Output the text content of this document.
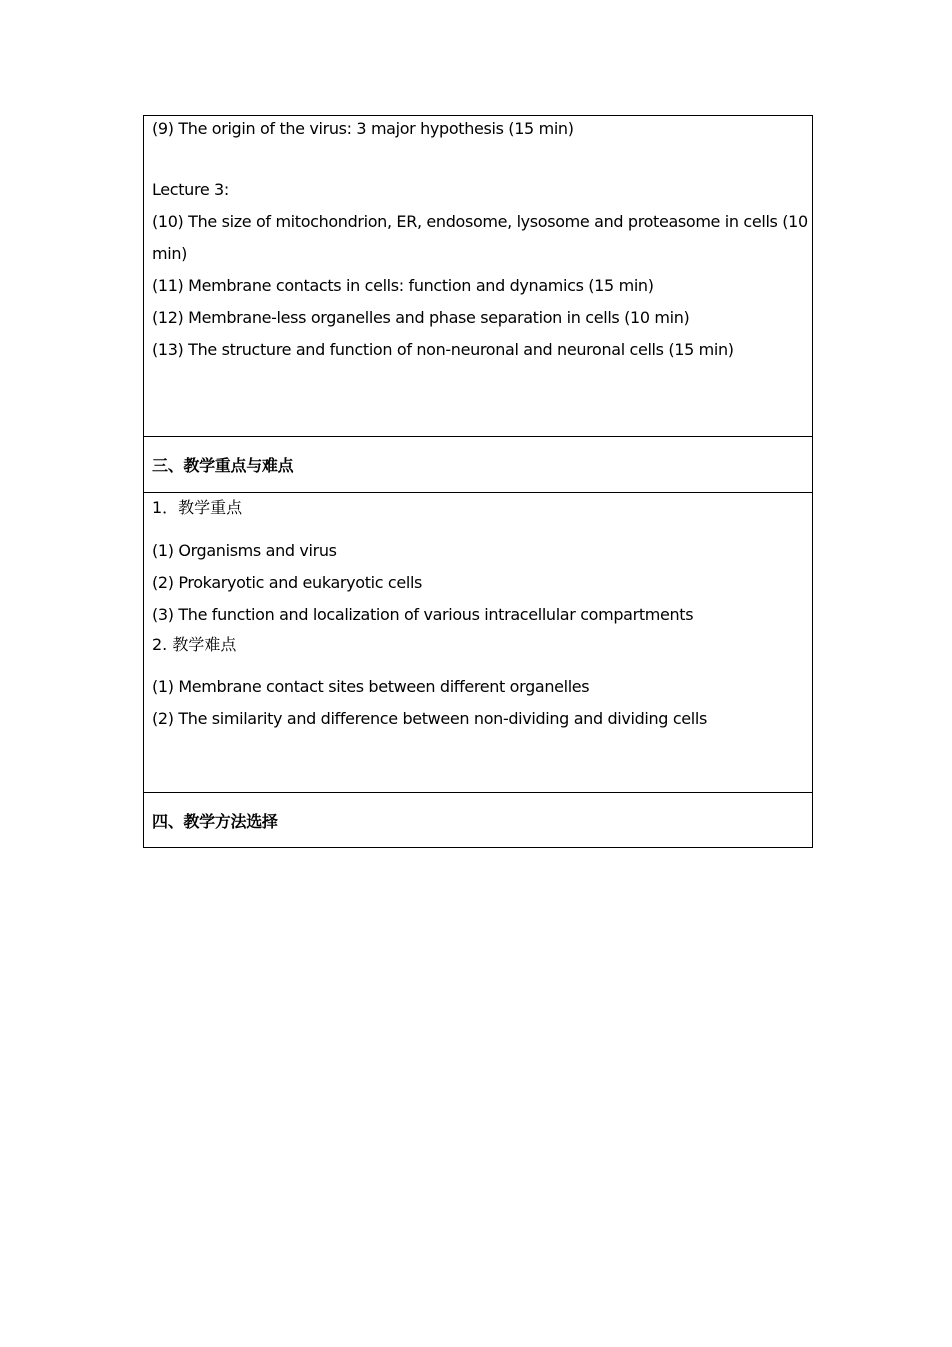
(9) The origin of the virus: 3 major hypothesis (15 min)
Lecture 3:
(10) The size of mitochondrion, ER, endosome, lysosome and proteasome in cells (10 min)
(11) Membrane contacts in cells: function and dynamics (15 min)
(12) Membrane-less organelles and phase separation in cells (10 min)
(13) The structure and function of non-neuronal and neuronal cells (15 min)
三、教学重点与难点
1．教学重点
(1) Organisms and virus
(2) Prokaryotic and eukaryotic cells
(3) The function and localization of various intracellular compartments
2. 教学难点
(1) Membrane contact sites between different organelles
(2) The similarity and difference between non-dividing and dividing cells
四、教学方法选择
